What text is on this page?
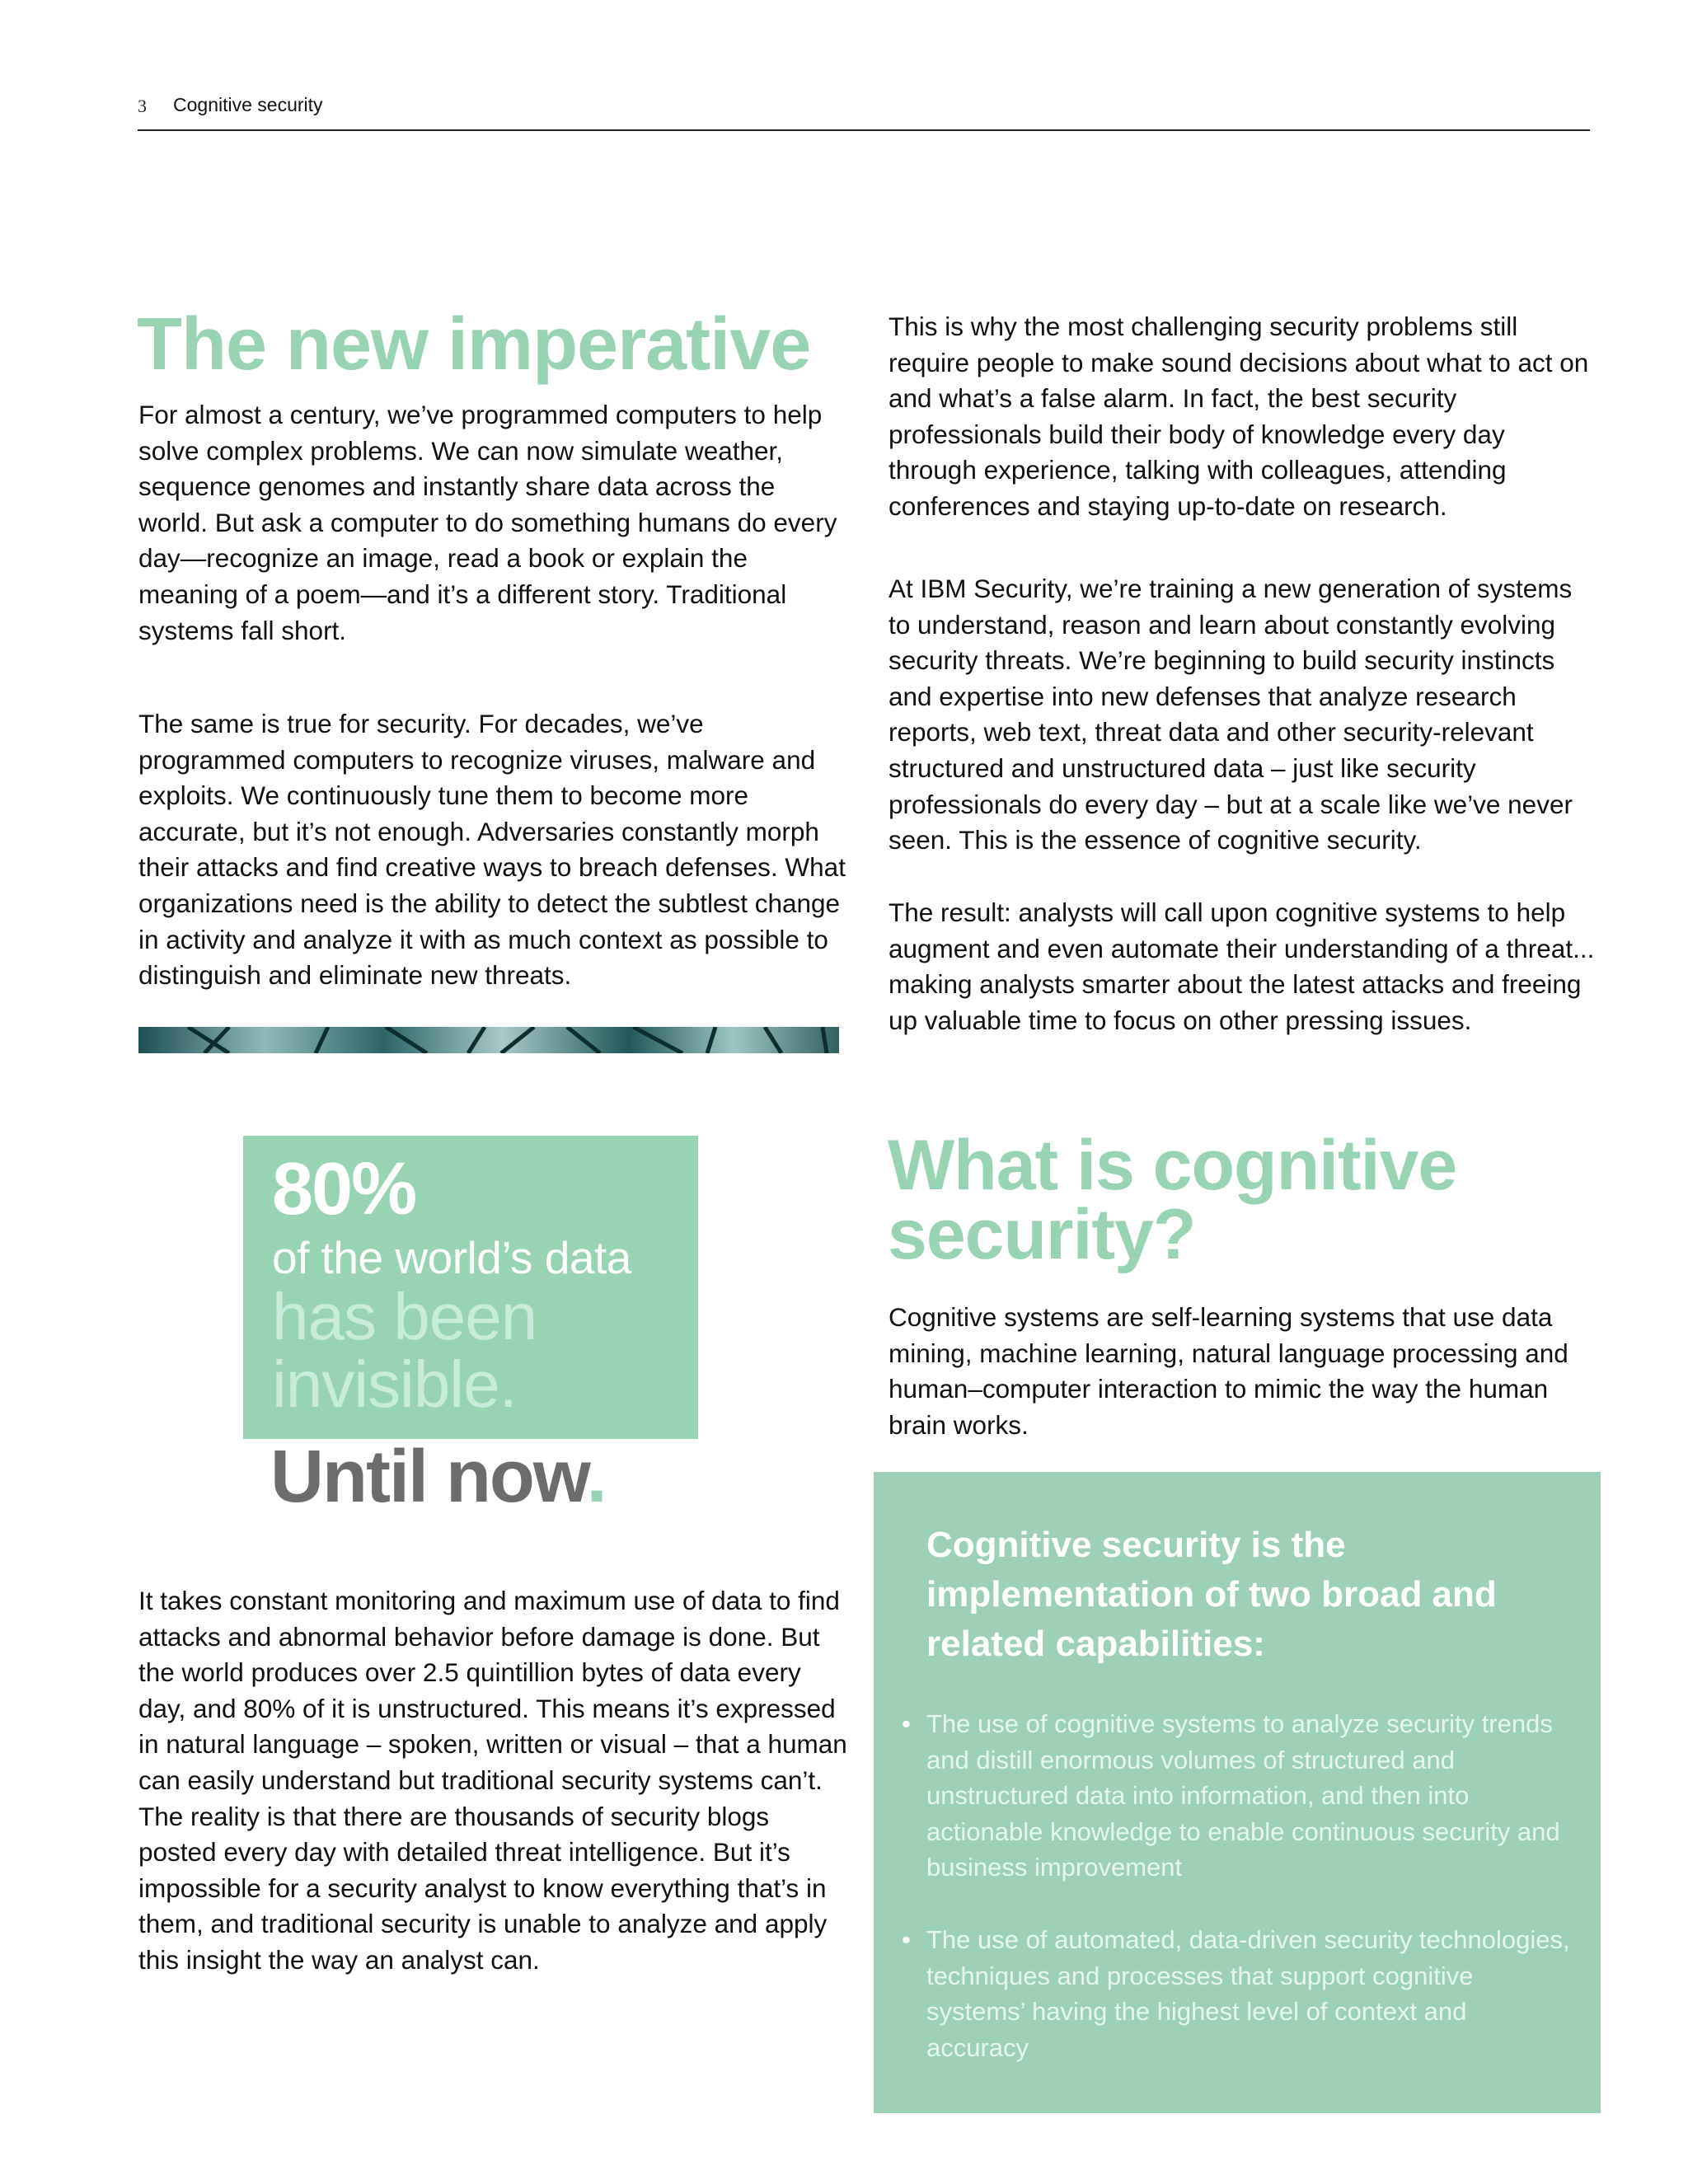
3 Cognitive security
The new imperative

For almost a century, we’ve programmed computers to help solve complex problems. We can now simulate weather, sequence genomes and instantly share data across the world. But ask a computer to do something humans do every day—recognize an image, read a book or explain the meaning of a poem—and it’s a different story. Traditional systems fall short.

The same is true for security. For decades, we’ve programmed computers to recognize viruses, malware and exploits. We continuously tune them to become more accurate, but it’s not enough. Adversaries constantly morph their attacks and find creative ways to breach defenses. What organizations need is the ability to detect the subtlest change in activity and analyze it with as much context as possible to distinguish and eliminate new threats.

80%
of the world’s data
has been invisible.
Until now.

It takes constant monitoring and maximum use of data to find attacks and abnormal behavior before damage is done. But the world produces over 2.5 quintillion bytes of data every day, and 80% of it is unstructured. This means it’s expressed in natural language – spoken, written or visual – that a human can easily understand but traditional security systems can’t. The reality is that there are thousands of security blogs posted every day with detailed threat intelligence. But it’s impossible for a security analyst to know everything that’s in them, and traditional security is unable to analyze and apply this insight the way an analyst can.

This is why the most challenging security problems still require people to make sound decisions about what to act on and what’s a false alarm. In fact, the best security professionals build their body of knowledge every day through experience, talking with colleagues, attending conferences and staying up-to-date on research.

At IBM Security, we’re training a new generation of systems to understand, reason and learn about constantly evolving security threats. We’re beginning to build security instincts and expertise into new defenses that analyze research reports, web text, threat data and other security-relevant structured and unstructured data – just like security professionals do every day – but at a scale like we’ve never seen. This is the essence of cognitive security.

The result: analysts will call upon cognitive systems to help augment and even automate their understanding of a threat... making analysts smarter about the latest attacks and freeing up valuable time to focus on other pressing issues.

What is cognitive security?

Cognitive systems are self-learning systems that use data mining, machine learning, natural language processing and human–computer interaction to mimic the way the human brain works.

Cognitive security is the implementation of two broad and related capabilities:
• The use of cognitive systems to analyze security trends and distill enormous volumes of structured and unstructured data into information, and then into actionable knowledge to enable continuous security and business improvement
• The use of automated, data-driven security technologies, techniques and processes that support cognitive systems’ having the highest level of context and accuracy
